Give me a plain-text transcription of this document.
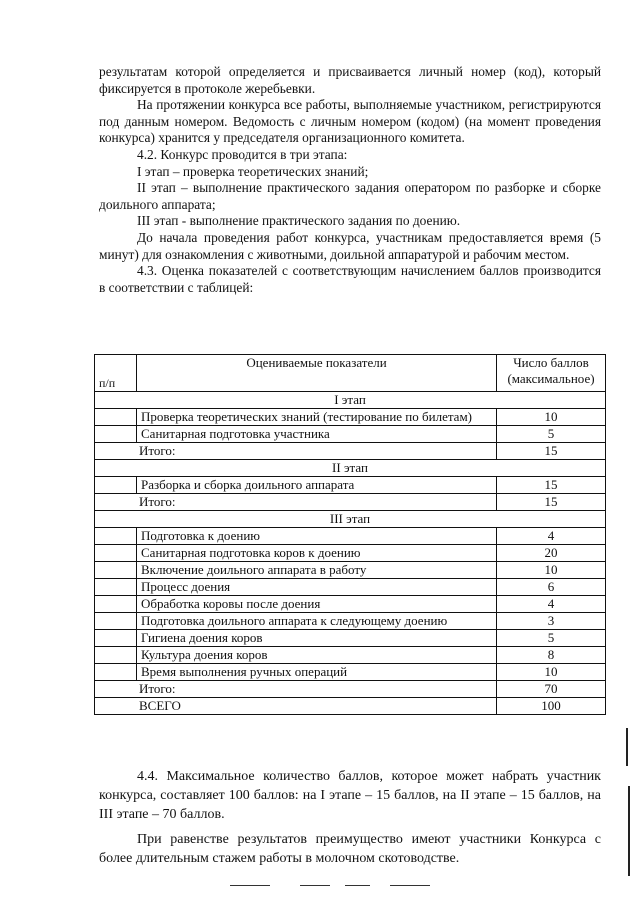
результатам которой определяется и присваивается личный номер (код), который фиксируется в протоколе жеребьевки.

На протяжении конкурса все работы, выполняемые участником, регистрируются под данным номером. Ведомость с личным номером (кодом) (на момент проведения конкурса) хранится у председателя организационного комитета.

4.2. Конкурс проводится в три этапа:

I этап – проверка теоретических знаний;

II этап – выполнение практического задания оператором по разборке и сборке доильного аппарата;

III этап - выполнение практического задания по доению.

До начала проведения работ конкурса, участникам предоставляется время (5 минут) для ознакомления с животными, доильной аппаратурой и рабочим местом.

4.3. Оценка показателей с соответствующим начислением баллов производится в соответствии с таблицей:

п/п	Оцениваемые показатели	Число баллов (максимальное)
I этап		
	Проверка теоретических знаний (тестирование по билетам)	10
	Санитарная подготовка участника	5
Итого:		15
II этап		
	Разборка и сборка доильного аппарата	15
Итого:		15
III этап		
	Подготовка к доению	4
	Санитарная подготовка коров к доению	20
	Включение доильного аппарата в работу	10
	Процесс доения	6
	Обработка коровы после доения	4
	Подготовка доильного аппарата к следующему доению	3
	Гигиена доения коров	5
	Культура доения коров	8
	Время выполнения ручных операций	10
Итого:		70
ВСЕГО		100

4.4. Максимальное количество баллов, которое может набрать участник конкурса, составляет 100 баллов: на I этапе – 15 баллов, на II этапе – 15 баллов, на III этапе – 70 баллов.

При равенстве результатов преимущество имеют участники Конкурса с более длительным стажем работы в молочном скотоводстве.
